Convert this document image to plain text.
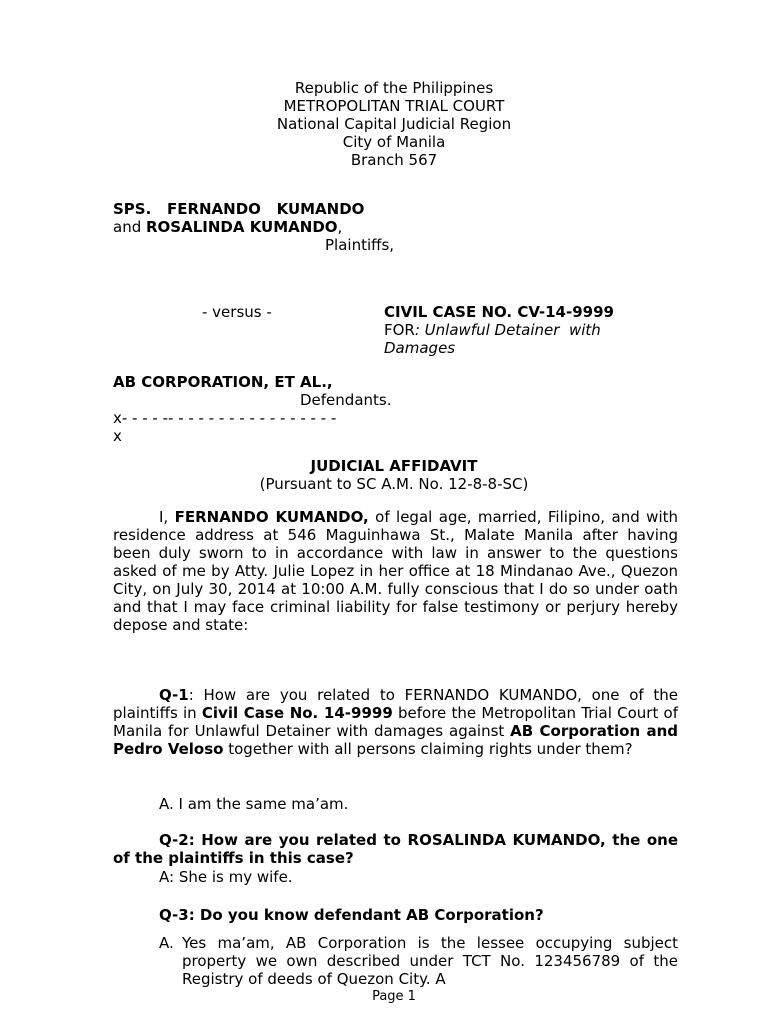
Republic of the Philippines
METROPOLITAN TRIAL COURT
National Capital Judicial Region
City of Manila
Branch 567
SPS.   FERNANDO   KUMANDO
and ROSALINDA KUMANDO,
Plaintiffs,
- versus -	CIVIL CASE NO. CV-14-9999
FOR: Unlawful Detainer  with
Damages
AB CORPORATION, ET AL.,
Defendants.
x- - - - -- - - - - - - - - - - - - - - - -
x
JUDICIAL AFFIDAVIT
(Pursuant to SC A.M. No. 12-8-8-SC)
I, FERNANDO KUMANDO, of legal age, married, Filipino, and with residence address at 546 Maguinhawa St., Malate Manila after having been duly sworn to in accordance with law in answer to the questions asked of me by Atty. Julie Lopez in her office at 18 Mindanao Ave., Quezon City, on July 30, 2014 at 10:00 A.M. fully conscious that I do so under oath and that I may face criminal liability for false testimony or perjury hereby depose and state:
Q-1: How are you related to FERNANDO KUMANDO, one of the plaintiffs in Civil Case No. 14-9999 before the Metropolitan Trial Court of Manila for Unlawful Detainer with damages against AB Corporation and Pedro Veloso together with all persons claiming rights under them?
A. I am the same ma’am.
Q-2: How are you related to ROSALINDA KUMANDO, the one of the plaintiffs in this case?
A: She is my wife.
Q-3: Do you know defendant AB Corporation?
A. Yes ma’am, AB Corporation is the lessee occupying subject property we own described under TCT No. 123456789 of the Registry of deeds of Quezon City. A
Page 1
